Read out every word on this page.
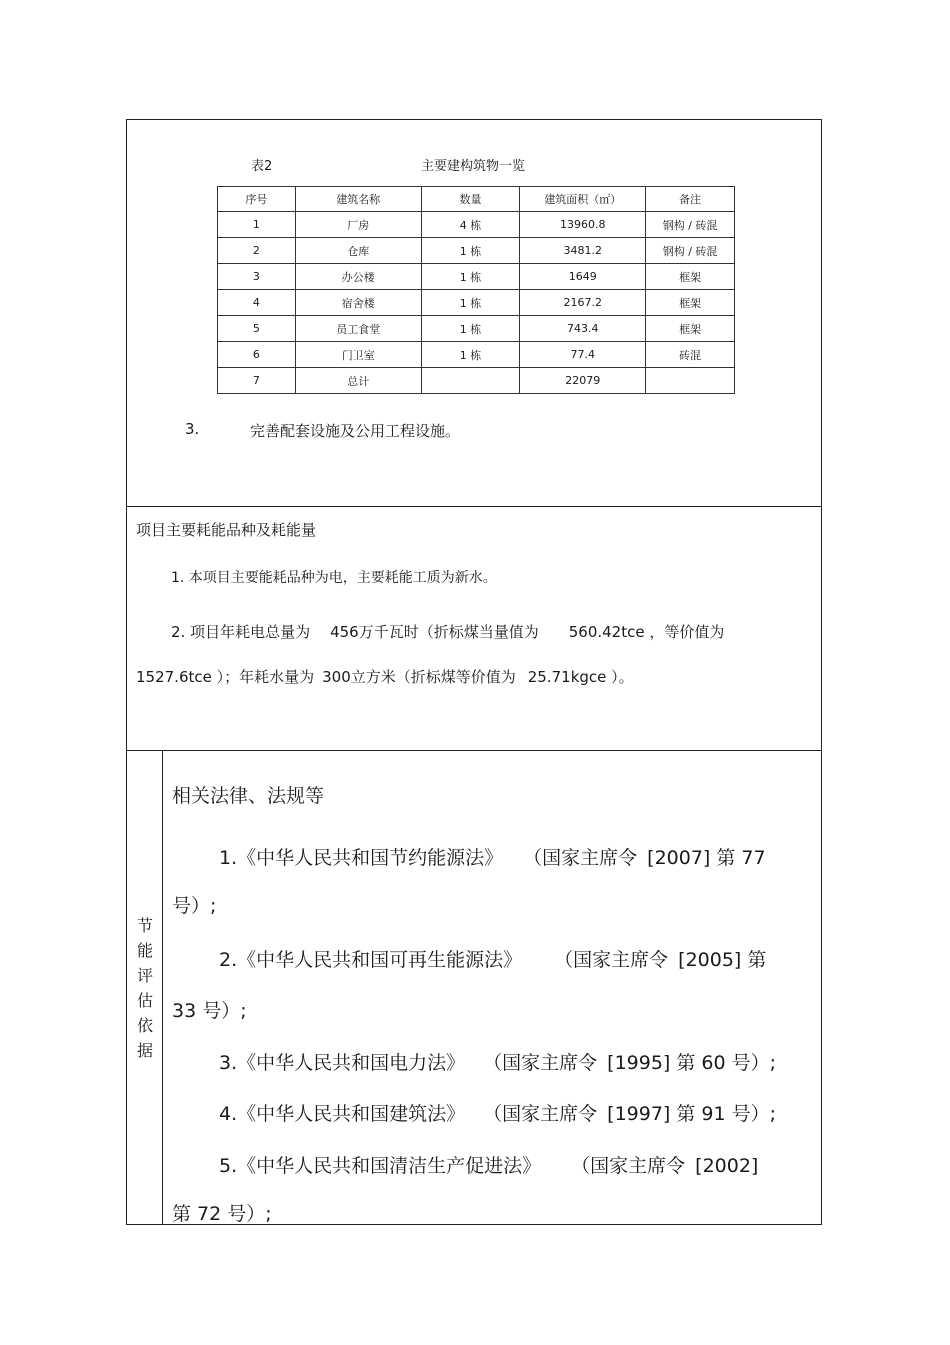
表2	主要建构筑物一览
序号	建筑名称	数量	建筑面积（㎡）	备注
1	厂房	4 栋	13960.8	钢构 / 砖混
2	仓库	1 栋	3481.2	钢构 / 砖混
3	办公楼	1 栋	1649	框架
4	宿舍楼	1 栋	2167.2	框架
5	员工食堂	1 栋	743.4	框架
6	门卫室	1 栋	77.4	砖混
7	总计		22079	
3.	完善配套设施及公用工程设施。
项目主要耗能品种及耗能量
1. 本项目主要能耗品种为电，主要耗能工质为新水。
2. 项目年耗电总量为 456万千瓦时（折标煤当量值为 560.42tce ，等价值为
1527.6tce ）；年耗水量为 300立方米（折标煤等价值为 25.71kgce ）。
节
能
评
估
依
据
相关法律、法规等
1.《中华人民共和国节约能源法》 （国家主席令 [2007] 第 77
号）;
2.《中华人民共和国可再生能源法》 （国家主席令 [2005] 第
33 号）;
3.《中华人民共和国电力法》 （国家主席令 [1995] 第 60 号）;
4.《中华人民共和国建筑法》 （国家主席令 [1997] 第 91 号）;
5.《中华人民共和国清洁生产促进法》 （国家主席令 [2002]
第 72 号）;
